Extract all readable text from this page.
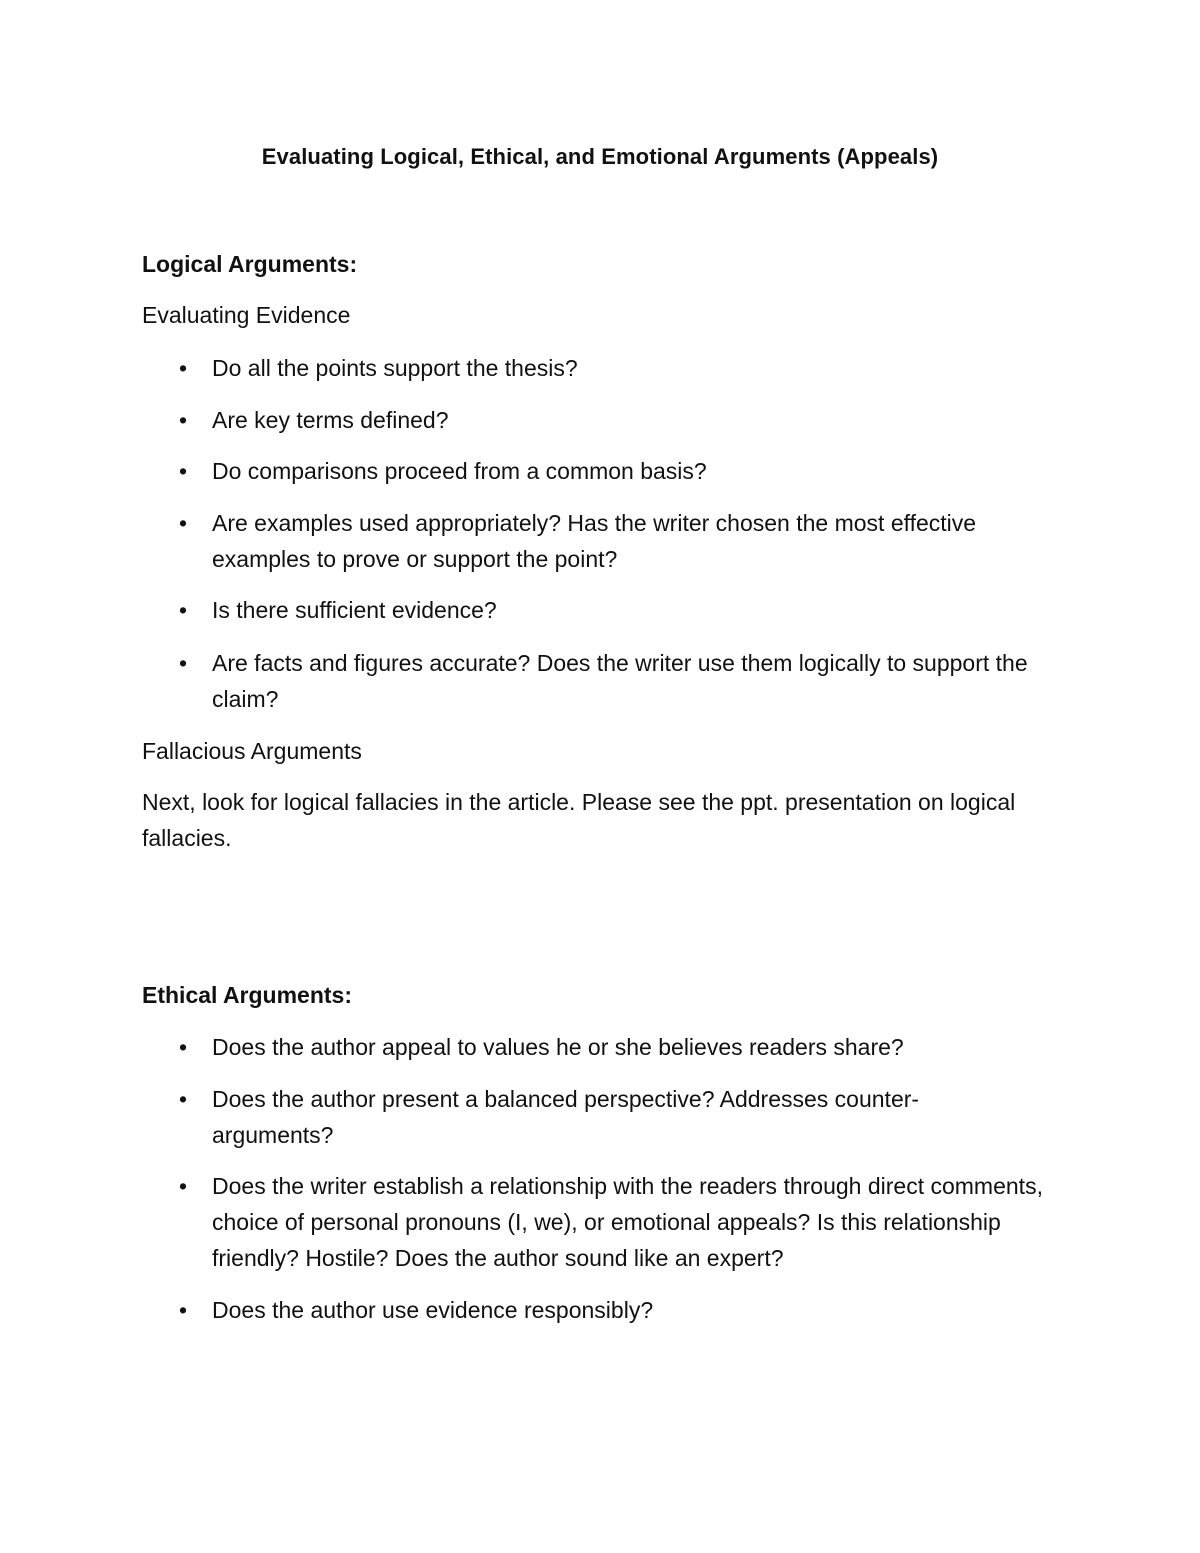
Evaluating Logical, Ethical, and Emotional Arguments (Appeals)
Logical Arguments:
Evaluating Evidence
• Do all the points support the thesis?
• Are key terms defined?
• Do comparisons proceed from a common basis?
• Are examples used appropriately? Has the writer chosen the most effective examples to prove or support the point?
• Is there sufficient evidence?
• Are facts and figures accurate? Does the writer use them logically to support the claim?
Fallacious Arguments
Next, look for logical fallacies in the article. Please see the ppt. presentation on logical fallacies.
Ethical Arguments:
• Does the author appeal to values he or she believes readers share?
• Does the author present a balanced perspective? Addresses counter-arguments?
• Does the writer establish a relationship with the readers through direct comments, choice of personal pronouns (I, we), or emotional appeals? Is this relationship friendly? Hostile? Does the author sound like an expert?
• Does the author use evidence responsibly?
